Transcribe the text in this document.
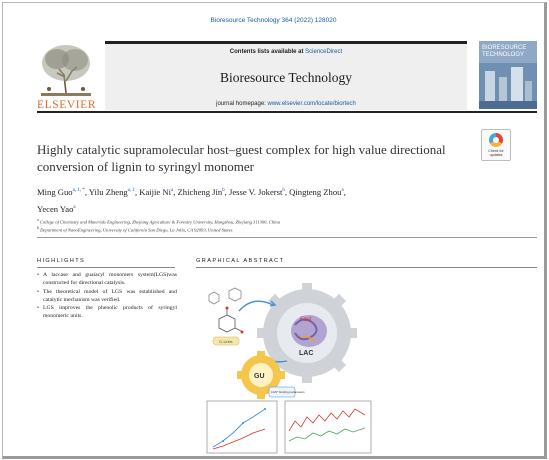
Bioresource Technology 364 (2022) 128020
ELSEVIER
Contents lists available at ScienceDirect
Bioresource Technology
journal homepage: www.elsevier.com/locate/biortech
BIORESOURCE TECHNOLOGY
Highly catalytic supramolecular host–guest complex for high value directional conversion of lignin to syringyl monomer
Check for updates
Ming Guo$^{a, 1, *}$, Yilu Zheng$^{a, 1}$, Kaijie Ni$^a$, Zhicheng Jin$^b$, Jesse V. Jokerst$^b$, Qingteng Zhou$^a$,
Yecen Yao$^a$
$^a$ College of Chemistry and Materials Engineering, Zhejiang Agriculture & Forestry University, Hangzhou, Zhejiang 311300, China
$^b$ Department of NanoEngineering, University of California San Diego, La Jolla, CA 92093, United States
HIGHLIGHTS	GRAPHICAL ABSTRACT
• A laccase and guaiacyl monomers system(LGS)was constructed for directional catalysis.
• The theoretical model of LGS was established and catalytic mechanism was verified.
• LGS improves the phenolic products of syringyl monomeric units.
Fast
LAC
G-Units
GU
LGS* binding parameters
